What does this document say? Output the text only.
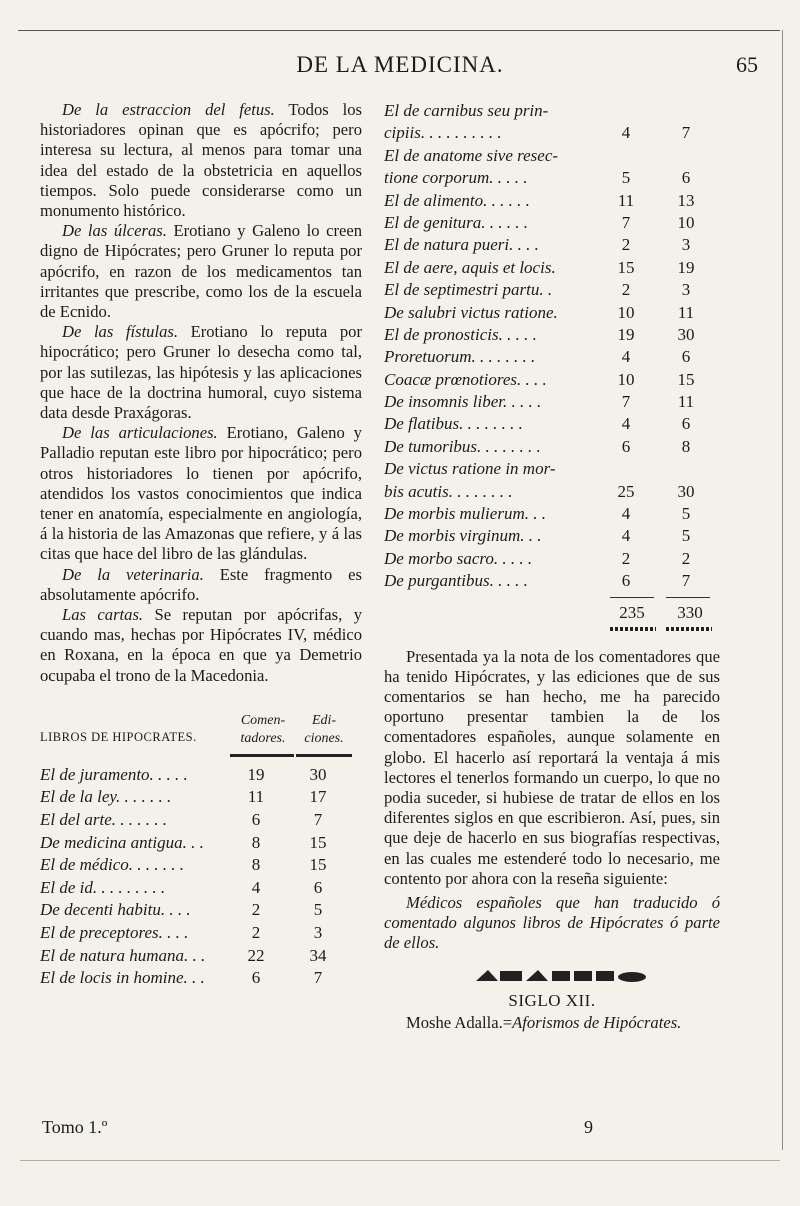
DE LA MEDICINA.	65

De la estraccion del fetus. Todos los historiadores opinan que es apócrifo; pero interesa su lectura, al menos para tomar una idea del estado de la obstetricia en aquellos tiempos. Solo puede considerarse como un monumento histórico.

De las úlceras. Erotiano y Galeno lo creen digno de Hipócrates; pero Gruner lo reputa por apócrifo, en razon de los medicamentos tan irritantes que prescribe, como los de la escuela de Ecnido.

De las fístulas. Erotiano lo reputa por hipocrático; pero Gruner lo desecha como tal, por las sutilezas, las hipótesis y las aplicaciones que hace de la doctrina humoral, cuyo sistema data desde Praxágoras.

De las articulaciones. Erotiano, Galeno y Palladio reputan este libro por hipocrático; pero otros historiadores lo tienen por apócrifo, atendidos los vastos conocimientos que indica tener en anatomía, especialmente en angiología, á la historia de las Amazonas que refiere, y á las citas que hace del libro de las glándulas.

De la veterinaria. Este fragmento es absolutamente apócrifo.

Las cartas. Se reputan por apócrifas, y cuando mas, hechas por Hipócrates IV, médico en Roxana, en la época en que ya Demetrio ocupaba el trono de la Macedonia.

LIBROS DE HIPOCRATES.
Comen-
tadores.
Edi-
ciones.
El de juramento. . . . .	19	30
El de la ley. . . . . . .	11	17
El del arte. . . . . . .	6	7
De medicina antigua. . .	8	15
El de médico. . . . . . .	8	15
El de id. . . . . . . . .	4	6
De decenti habitu. . . .	2	5
El de preceptores. . . .	2	3
El de natura humana. . .	22	34
El de locis in homine. . .	6	7
El de carnibus seu prin-
cipiis. . . . . . . . . .	4	7
El de anatome sive resec-
tione corporum. . . . .	5	6
El de alimento. . . . . .	11	13
El de genitura. . . . . .	7	10
El de natura pueri. . . .	2	3
El de aere, aquis et locis.	15	19
El de septimestri partu. .	2	3
De salubri victus ratione.	10	11
El de pronosticis. . . . .	19	30
Proretuorum. . . . . . . .	4	6
Coacæ prœnotiores. . . .	10	15
De insomnis liber. . . . .	7	11
De flatibus. . . . . . . .	4	6
De tumoribus. . . . . . . .	6	8
De victus ratione in mor-
bis acutis. . . . . . . .	25	30
De morbis mulierum. . .	4	5
De morbis virginum. . .	4	5
De morbo sacro. . . . .	2	2
De purgantibus. . . . .	6	7
235	330

Presentada ya la nota de los comentadores que ha tenido Hipócrates, y las ediciones que de sus comentarios se han hecho, me ha parecido oportuno presentar tambien la de los comentadores españoles, aunque solamente en globo. El hacerlo así reportará la ventaja á mis lectores el tenerlos formando un cuerpo, lo que no podia suceder, si hubiese de tratar de ellos en los diferentes siglos en que escribieron. Así, pues, sin que deje de hacerlo en sus biografías respectivas, en las cuales me estenderé todo lo necesario, me contento por ahora con la reseña siguiente:

Médicos españoles que han traducido ó comentado algunos libros de Hipócrates ó parte de ellos.

SIGLO XII.

Moshe Adalla.=Aforismos de Hipócrates.

Tomo 1.º	9
